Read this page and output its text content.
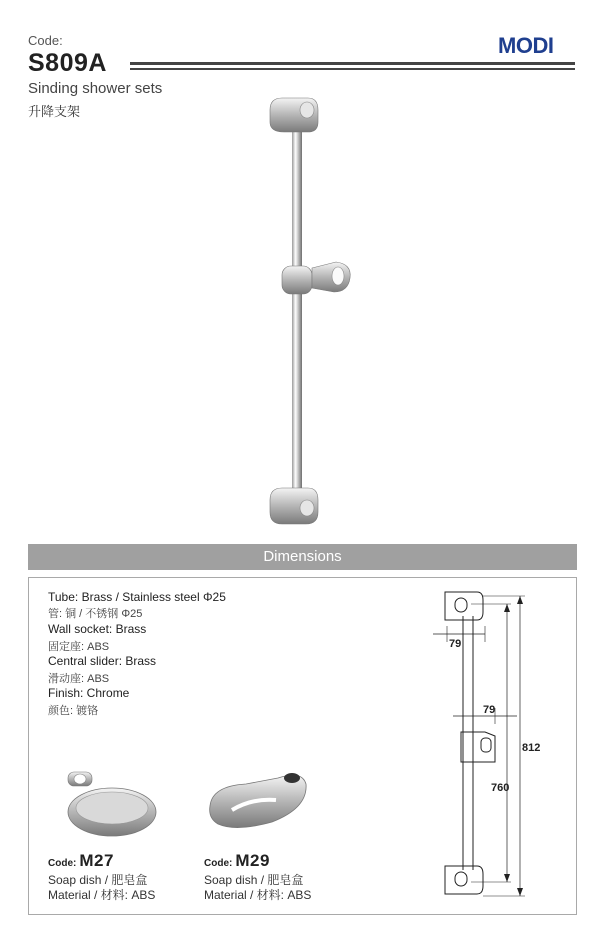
Code:
S809A
MODI
Sinding shower sets
升降支架
Dimensions
Tube: Brass / Stainless steel Φ25
管: 铜 / 不锈钢 Φ25
Wall socket: Brass
固定座: ABS
Central slider: Brass
滑动座: ABS
Finish: Chrome
颜色: 镀铬
Code: M27
Soap dish / 肥皂盒
Material / 材料: ABS
Code: M29
Soap dish / 肥皂盒
Material / 材料: ABS
79
79
812
760
